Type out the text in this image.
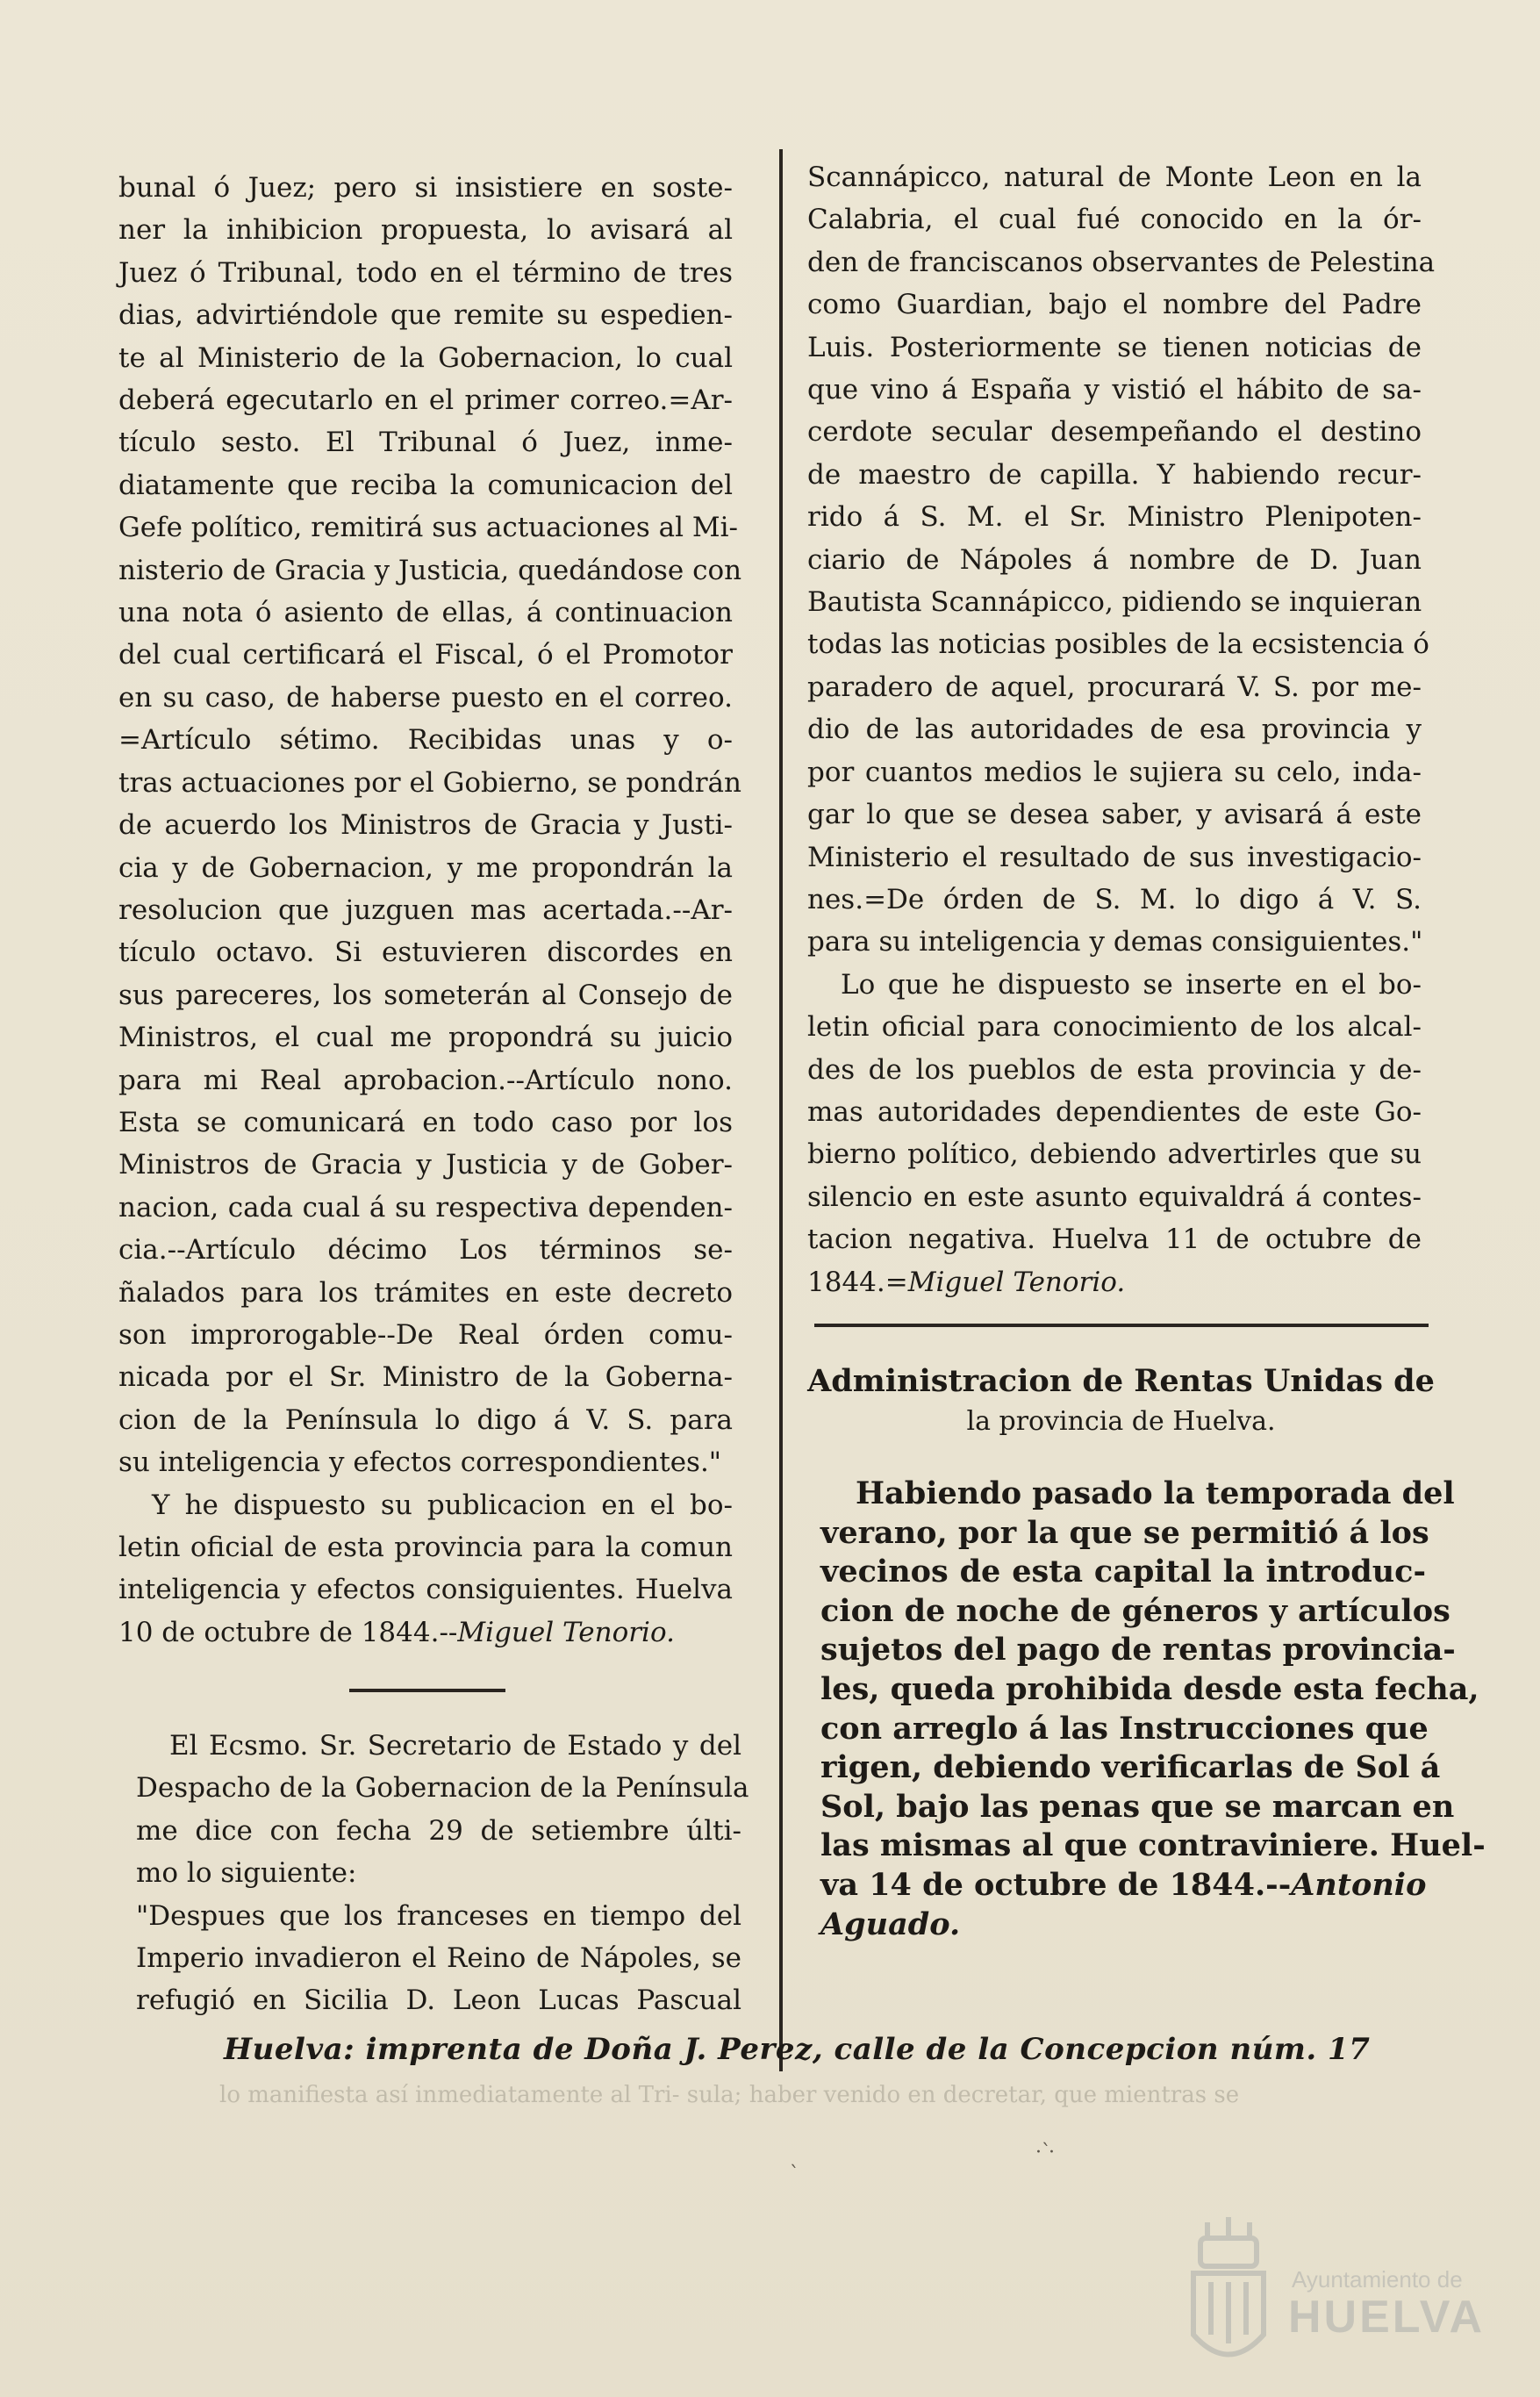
bunal ó Juez; pero si insistiere en soste-
ner la inhibicion propuesta, lo avisará al
Juez ó Tribunal, todo en el término de tres
dias, advirtiéndole que remite su espedien-
te al Ministerio de la Gobernacion, lo cual
deberá egecutarlo en el primer correo.=Ar-
tículo sesto. El Tribunal ó Juez, inme-
diatamente que reciba la comunicacion del
Gefe político, remitirá sus actuaciones al Mi-
nisterio de Gracia y Justicia, quedándose con
una nota ó asiento de ellas, á continuacion
del cual certificará el Fiscal, ó el Promotor
en su caso, de haberse puesto en el correo.
=Artículo sétimo. Recibidas unas y o-
tras actuaciones por el Gobierno, se pondrán
de acuerdo los Ministros de Gracia y Justi-
cia y de Gobernacion, y me propondrán la
resolucion que juzguen mas acertada.--Ar-
tículo octavo. Si estuvieren discordes en
sus pareceres, los someterán al Consejo de
Ministros, el cual me propondrá su juicio
para mi Real aprobacion.--Artículo nono.
Esta se comunicará en todo caso por los
Ministros de Gracia y Justicia y de Gober-
nacion, cada cual á su respectiva dependen-
cia.--Artículo décimo Los términos se-
ñalados para los trámites en este decreto
son improrogable--De Real órden comu-
nicada por el Sr. Ministro de la Goberna-
cion de la Península lo digo á V. S. para
su inteligencia y efectos correspondientes."

Y he dispuesto su publicacion en el bo-
letin oficial de esta provincia para la comun
inteligencia y efectos consiguientes. Huelva
10 de octubre de 1844.--Miguel Tenorio.

El Ecsmo. Sr. Secretario de Estado y del
Despacho de la Gobernacion de la Península
me dice con fecha 29 de setiembre últi-
mo lo siguiente:
"Despues que los franceses en tiempo del
Imperio invadieron el Reino de Nápoles, se
refugió en Sicilia D. Leon Lucas Pascual

Scannápicco, natural de Monte Leon en la
Calabria, el cual fué conocido en la ór-
den de franciscanos observantes de Pelestina
como Guardian, bajo el nombre del Padre
Luis. Posteriormente se tienen noticias de
que vino á España y vistió el hábito de sa-
cerdote secular desempeñando el destino
de maestro de capilla. Y habiendo recur-
rido á S. M. el Sr. Ministro Plenipoten-
ciario de Nápoles á nombre de D. Juan
Bautista Scannápicco, pidiendo se inquieran
todas las noticias posibles de la ecsistencia ó
paradero de aquel, procurará V. S. por me-
dio de las autoridades de esa provincia y
por cuantos medios le sujiera su celo, inda-
gar lo que se desea saber, y avisará á este
Ministerio el resultado de sus investigacio-
nes.=De órden de S. M. lo digo á V. S.
para su inteligencia y demas consiguientes."

Lo que he dispuesto se inserte en el bo-
letin oficial para conocimiento de los alcal-
des de los pueblos de esta provincia y de-
mas autoridades dependientes de este Go-
bierno político, debiendo advertirles que su
silencio en este asunto equivaldrá á contes-
tacion negativa. Huelva 11 de octubre de
1844.=Miguel Tenorio.

Administracion de Rentas Unidas de
la provincia de Huelva.
Habiendo pasado la temporada del
verano, por la que se permitió á los
vecinos de esta capital la introduc-
cion de noche de géneros y artículos
sujetos del pago de rentas provincia-
les, queda prohibida desde esta fecha,
con arreglo á las Instrucciones que
rigen, debiendo verificarlas de Sol á
Sol, bajo las penas que se marcan en
las mismas al que contraviniere. Huel-
va 14 de octubre de 1844.--Antonio
Aguado.
Huelva: imprenta de Doña J. Perez, calle de la Concepcion núm. 17
lo manifiesta así inmediatamente al Tri- sula; haber venido en decretar, que mientras se
ˋ
·՝·
Ayuntamiento de
HUELVA
